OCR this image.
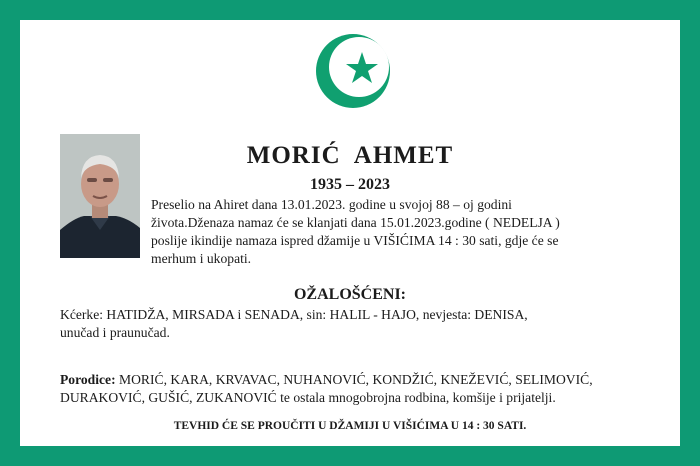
MORIĆ  AHMET
1935 – 2023
Preselio na Ahiret dana 13.01.2023. godine u svojoj 88 – oj godini
života.Dženaza namaz će se klanjati dana 15.01.2023.godine ( NEDELJA )
poslije ikindije namaza ispred džamije u VIŠIĆIMA 14 : 30 sati, gdje će se
merhum i ukopati.
OŽALOŠĆENI:
Kćerke: HATIDŽA, MIRSADA i SENADA, sin: HALIL - HAJO, nevjesta: DENISA,
unučad i praunučad.
Porodice: MORIĆ, KARA, KRVAVAC, NUHANOVIĆ, KONDŽIĆ, KNEŽEVIĆ, SELIMOVIĆ,
DURAKOVIĆ, GUŠIĆ, ZUKANOVIĆ te ostala mnogobrojna rodbina, komšije i prijatelji.
TEVHID ĆE SE PROUČITI U DŽAMIJI U VIŠIĆIMA U 14 : 30 SATI.
